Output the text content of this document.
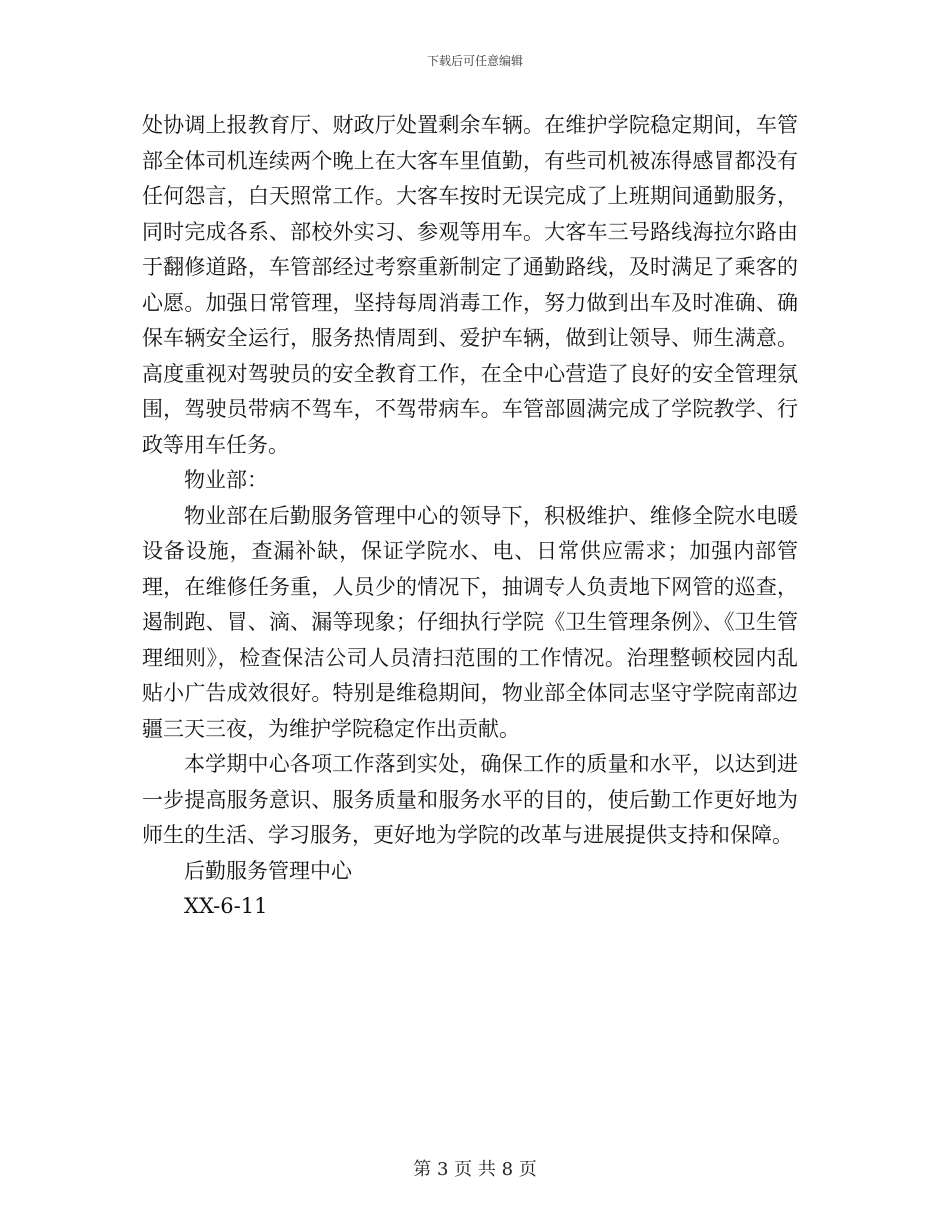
下载后可任意编辑

处协调上报教育厅、财政厅处置剩余车辆。在维护学院稳定期间，车管部全体司机连续两个晚上在大客车里值勤，有些司机被冻得感冒都没有任何怨言，白天照常工作。大客车按时无误完成了上班期间通勤服务，同时完成各系、部校外实习、参观等用车。大客车三号路线海拉尔路由于翻修道路，车管部经过考察重新制定了通勤路线，及时满足了乘客的心愿。加强日常管理，坚持每周消毒工作，努力做到出车及时准确、确保车辆安全运行，服务热情周到、爱护车辆，做到让领导、师生满意。高度重视对驾驶员的安全教育工作，在全中心营造了良好的安全管理氛围，驾驶员带病不驾车，不驾带病车。车管部圆满完成了学院教学、行政等用车任务。

物业部：

物业部在后勤服务管理中心的领导下，积极维护、维修全院水电暖设备设施，查漏补缺，保证学院水、电、日常供应需求；加强内部管理，在维修任务重，人员少的情况下，抽调专人负责地下网管的巡查，遏制跑、冒、滴、漏等现象；仔细执行学院《卫生管理条例》、《卫生管理细则》，检查保洁公司人员清扫范围的工作情况。治理整顿校园内乱贴小广告成效很好。特别是维稳期间，物业部全体同志坚守学院南部边疆三天三夜，为维护学院稳定作出贡献。

本学期中心各项工作落到实处，确保工作的质量和水平，以达到进一步提高服务意识、服务质量和服务水平的目的，使后勤工作更好地为师生的生活、学习服务，更好地为学院的改革与进展提供支持和保障。

后勤服务管理中心

XX-6-11

第 3 页 共 8 页
